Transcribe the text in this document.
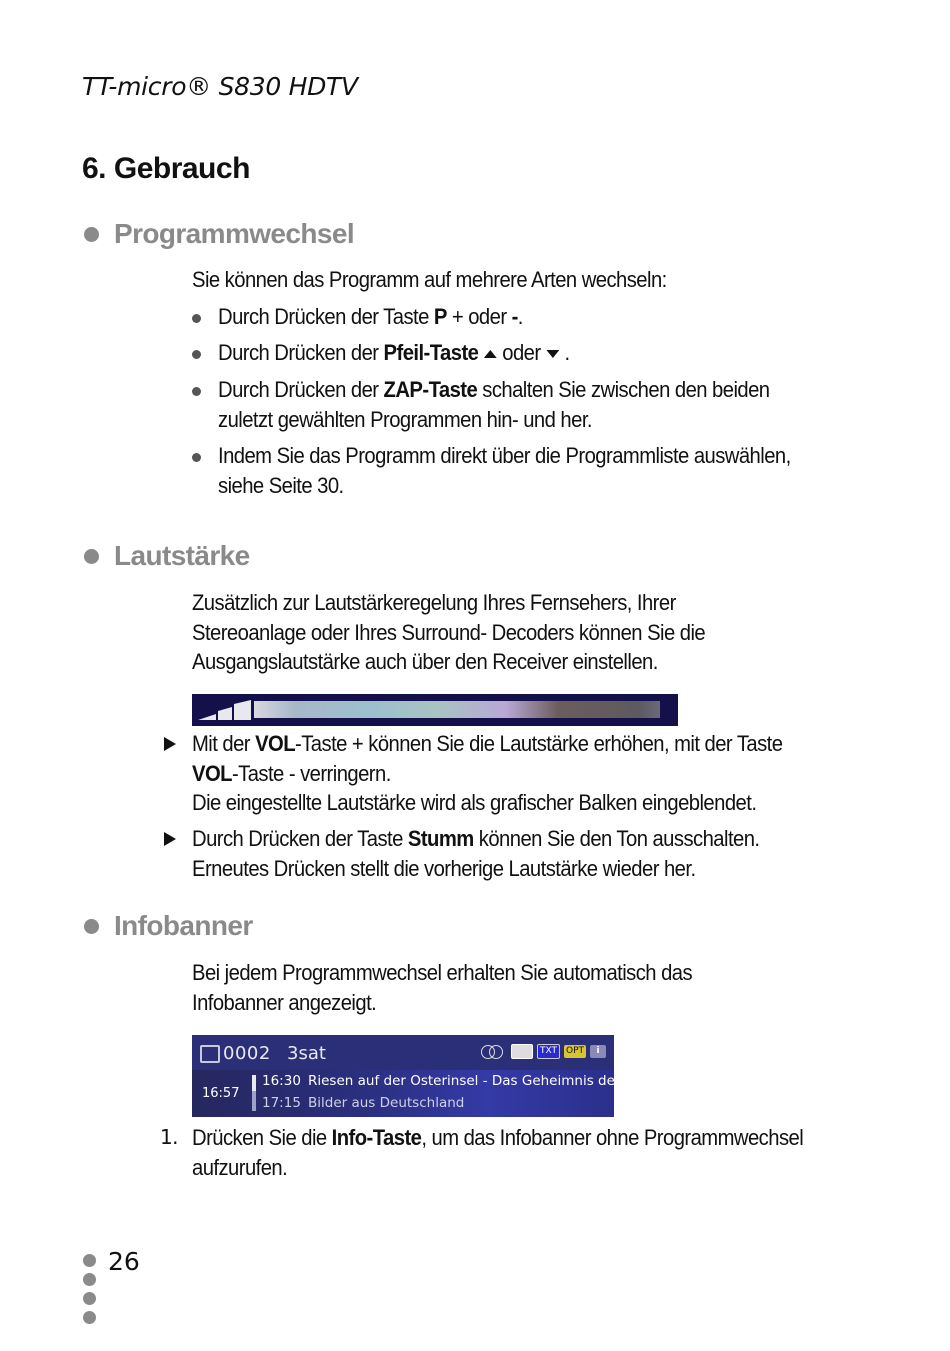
TT-micro® S830 HDTV
6. Gebrauch
Programmwechsel
Sie können das Programm auf mehrere Arten wechseln:
Durch Drücken der Taste P + oder -.
Durch Drücken der Pfeil-Taste oder .
Durch Drücken der ZAP-Taste schalten Sie zwischen den beiden zuletzt gewählten Programmen hin- und her.
Indem Sie das Programm direkt über die Programmliste auswählen, siehe Seite 30.
Lautstärke
Zusätzlich zur Lautstärkeregelung Ihres Fernsehers, Ihrer Stereoanlage oder Ihres Surround- Decoders können Sie die Ausgangslautstärke auch über den Receiver einstellen.
Mit der VOL-Taste + können Sie die Lautstärke erhöhen, mit der Taste VOL-Taste - verringern.
Die eingestellte Lautstärke wird als grafischer Balken eingeblendet.
Durch Drücken der Taste Stumm können Sie den Ton ausschalten.
Erneutes Drücken stellt die vorherige Lautstärke wieder her.
Infobanner
Bei jedem Programmwechsel erhalten Sie automatisch das Infobanner angezeigt.
0002 3sat	TXT	OPT	i
16:57
16:30 Riesen auf der Osterinsel - Das Geheimnis de...
17:15 Bilder aus Deutschland
1. Drücken Sie die Info-Taste, um das Infobanner ohne Programmwechsel aufzurufen.
26
